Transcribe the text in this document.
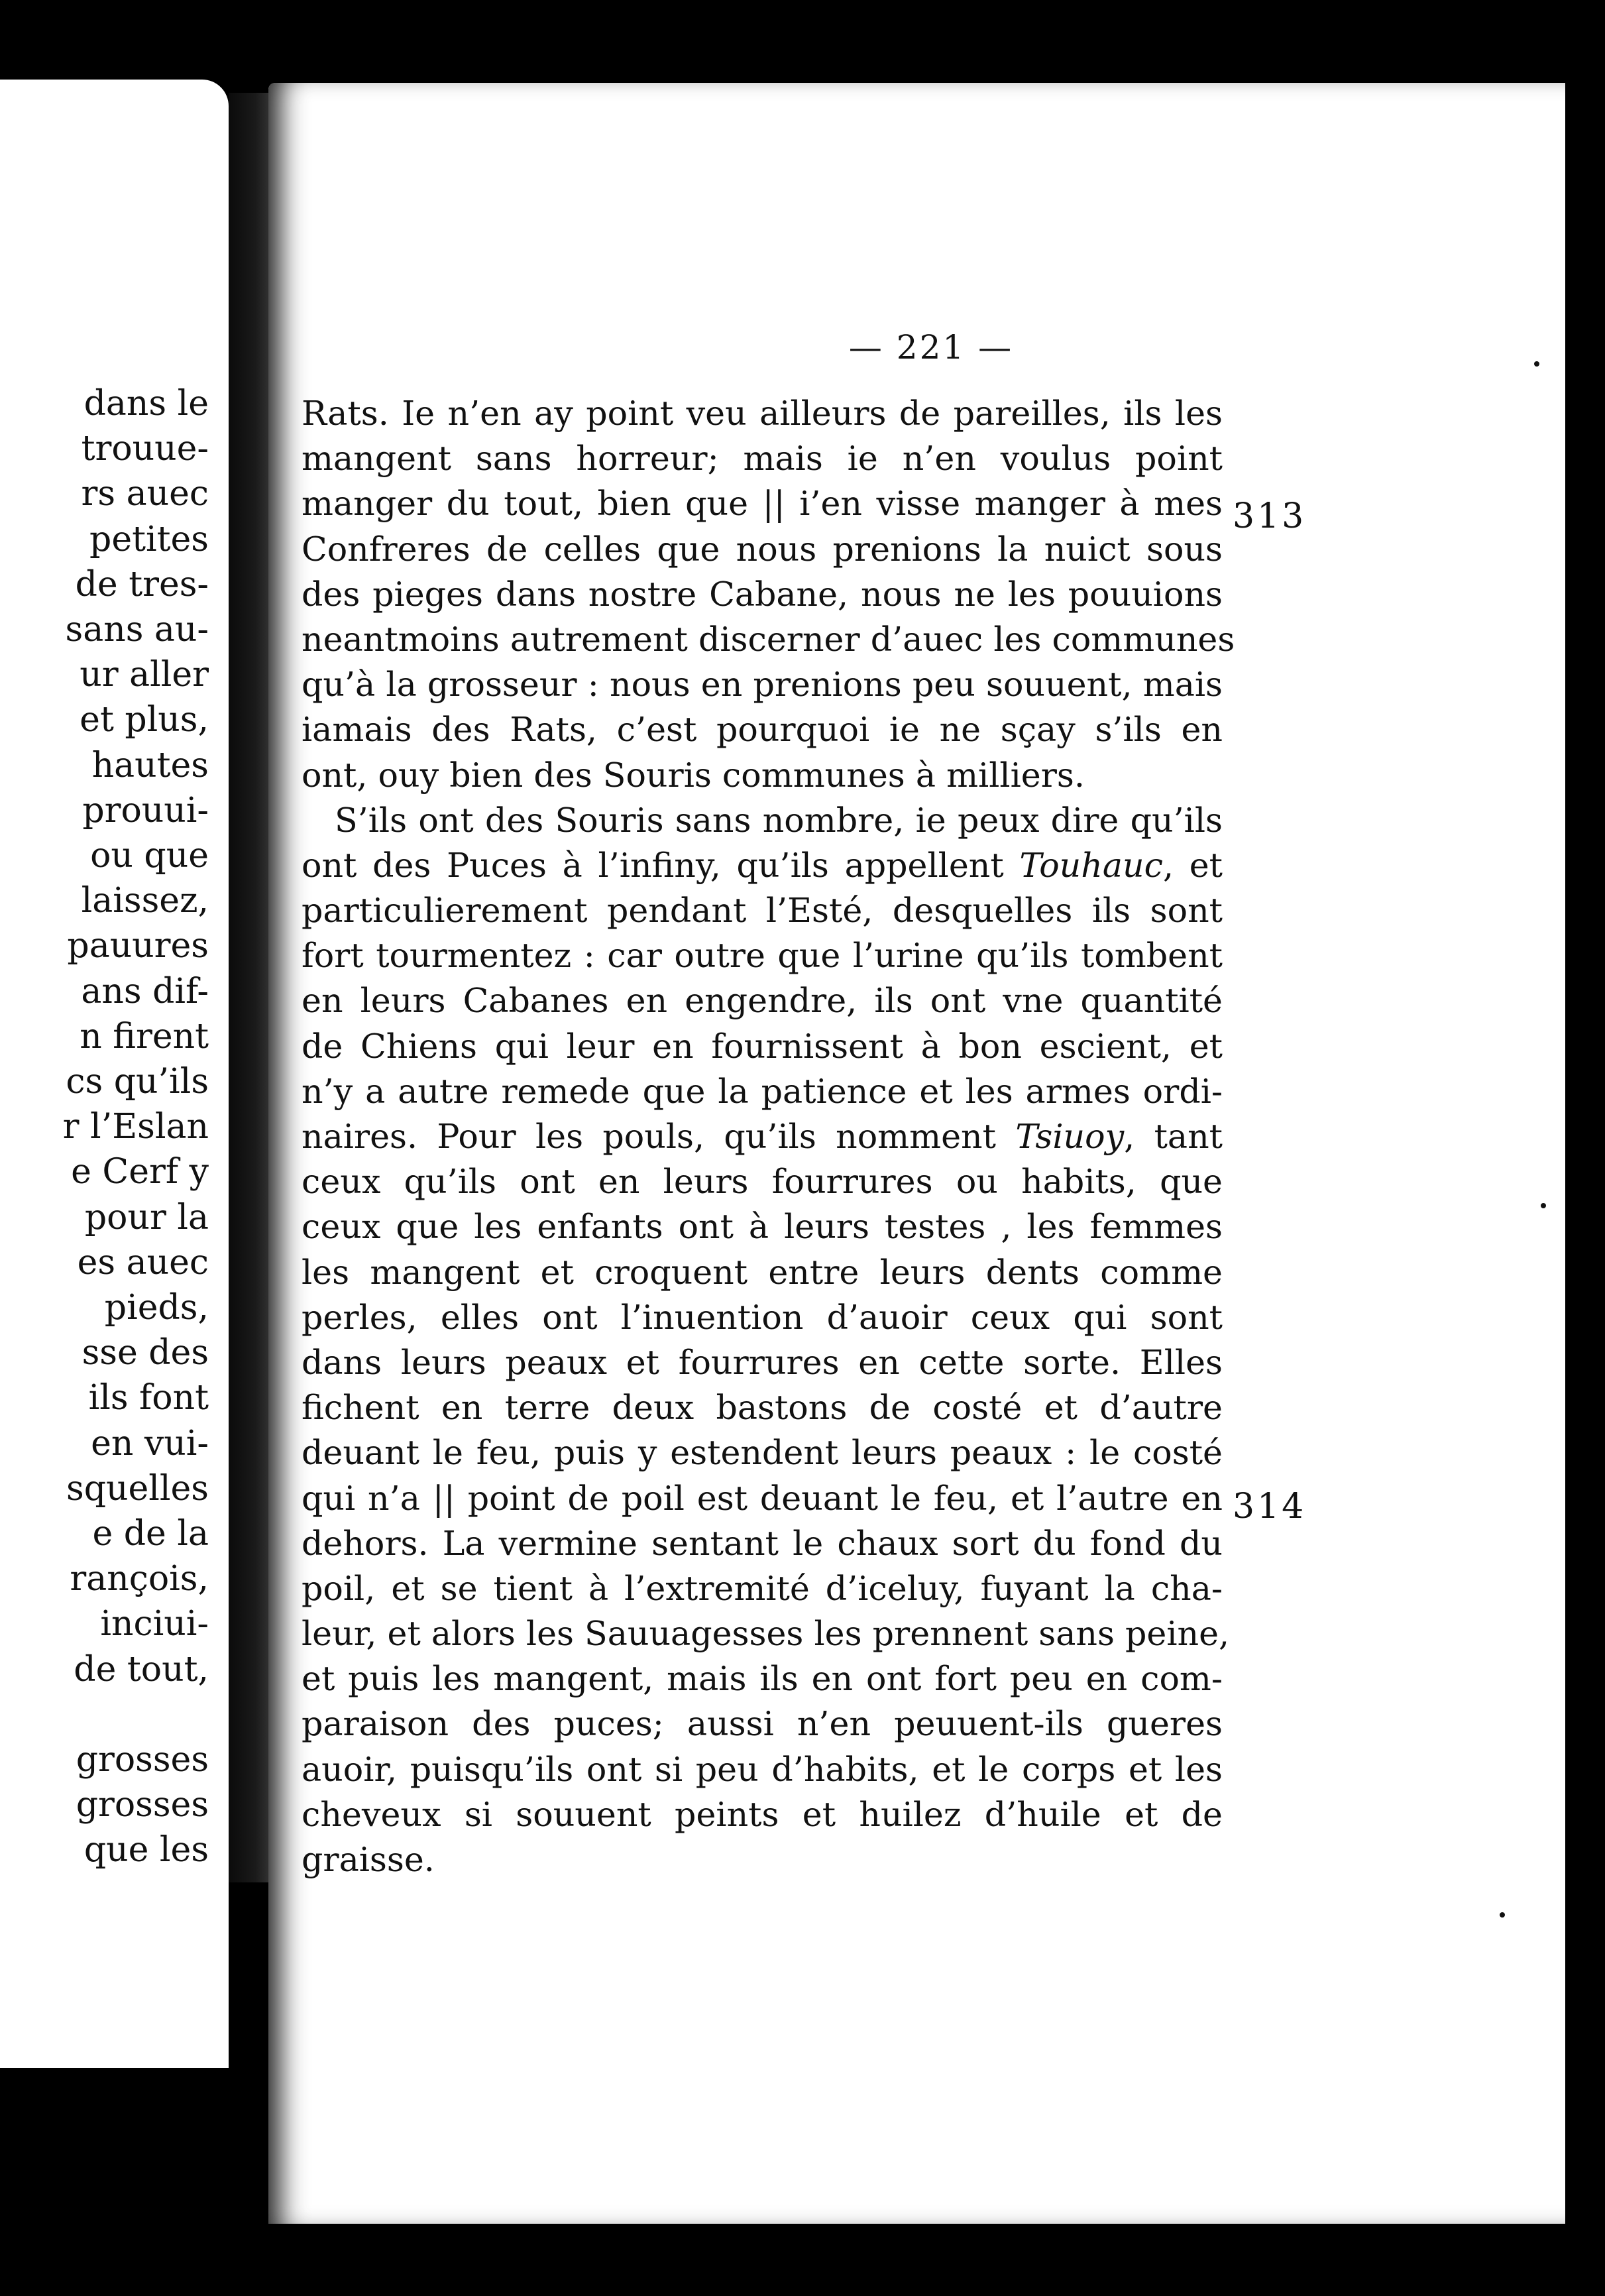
dans le
trouue-
rs auec
petites
de tres-
sans au-
ur aller
et plus,
hautes
prouui-
ou que
laissez,
pauures
ans dif-
n firent
cs qu’ils
r l’Eslan
e Cerf y
pour la
es auec
pieds,
sse des
ils font
en vui-
squelles
e de la
rançois,
inciui-
de tout,
grosses
grosses
que les
— 221 —
Rats. Ie n’en ay point veu ailleurs de pareilles, ils les
mangent sans horreur; mais ie n’en voulus point
manger du tout, bien que || i’en visse manger à mes
Confreres de celles que nous prenions la nuict sous
des pieges dans nostre Cabane, nous ne les pouuions
neantmoins autrement discerner d’auec les communes
qu’à la grosseur : nous en prenions peu souuent, mais
iamais des Rats, c’est pourquoi ie ne sçay s’ils en
ont, ouy bien des Souris communes à milliers.
S’ils ont des Souris sans nombre, ie peux dire qu’ils
ont des Puces à l’infiny, qu’ils appellent Touhauc, et
particulierement pendant l’Esté, desquelles ils sont
fort tourmentez : car outre que l’urine qu’ils tombent
en leurs Cabanes en engendre, ils ont vne quantité
de Chiens qui leur en fournissent à bon escient, et
n’y a autre remede que la patience et les armes ordi-
naires. Pour les pouls, qu’ils nomment Tsiuoy, tant
ceux qu’ils ont en leurs fourrures ou habits, que
ceux que les enfants ont à leurs testes , les femmes
les mangent et croquent entre leurs dents comme
perles, elles ont l’inuention d’auoir ceux qui sont
dans leurs peaux et fourrures en cette sorte. Elles
fichent en terre deux bastons de costé et d’autre
deuant le feu, puis y estendent leurs peaux : le costé
qui n’a || point de poil est deuant le feu, et l’autre en
dehors. La vermine sentant le chaux sort du fond du
poil, et se tient à l’extremité d’iceluy, fuyant la cha-
leur, et alors les Sauuagesses les prennent sans peine,
et puis les mangent, mais ils en ont fort peu en com-
paraison des puces; aussi n’en peuuent-ils gueres
auoir, puisqu’ils ont si peu d’habits, et le corps et les
cheveux si souuent peints et huilez d’huile et de
graisse.
313
314
